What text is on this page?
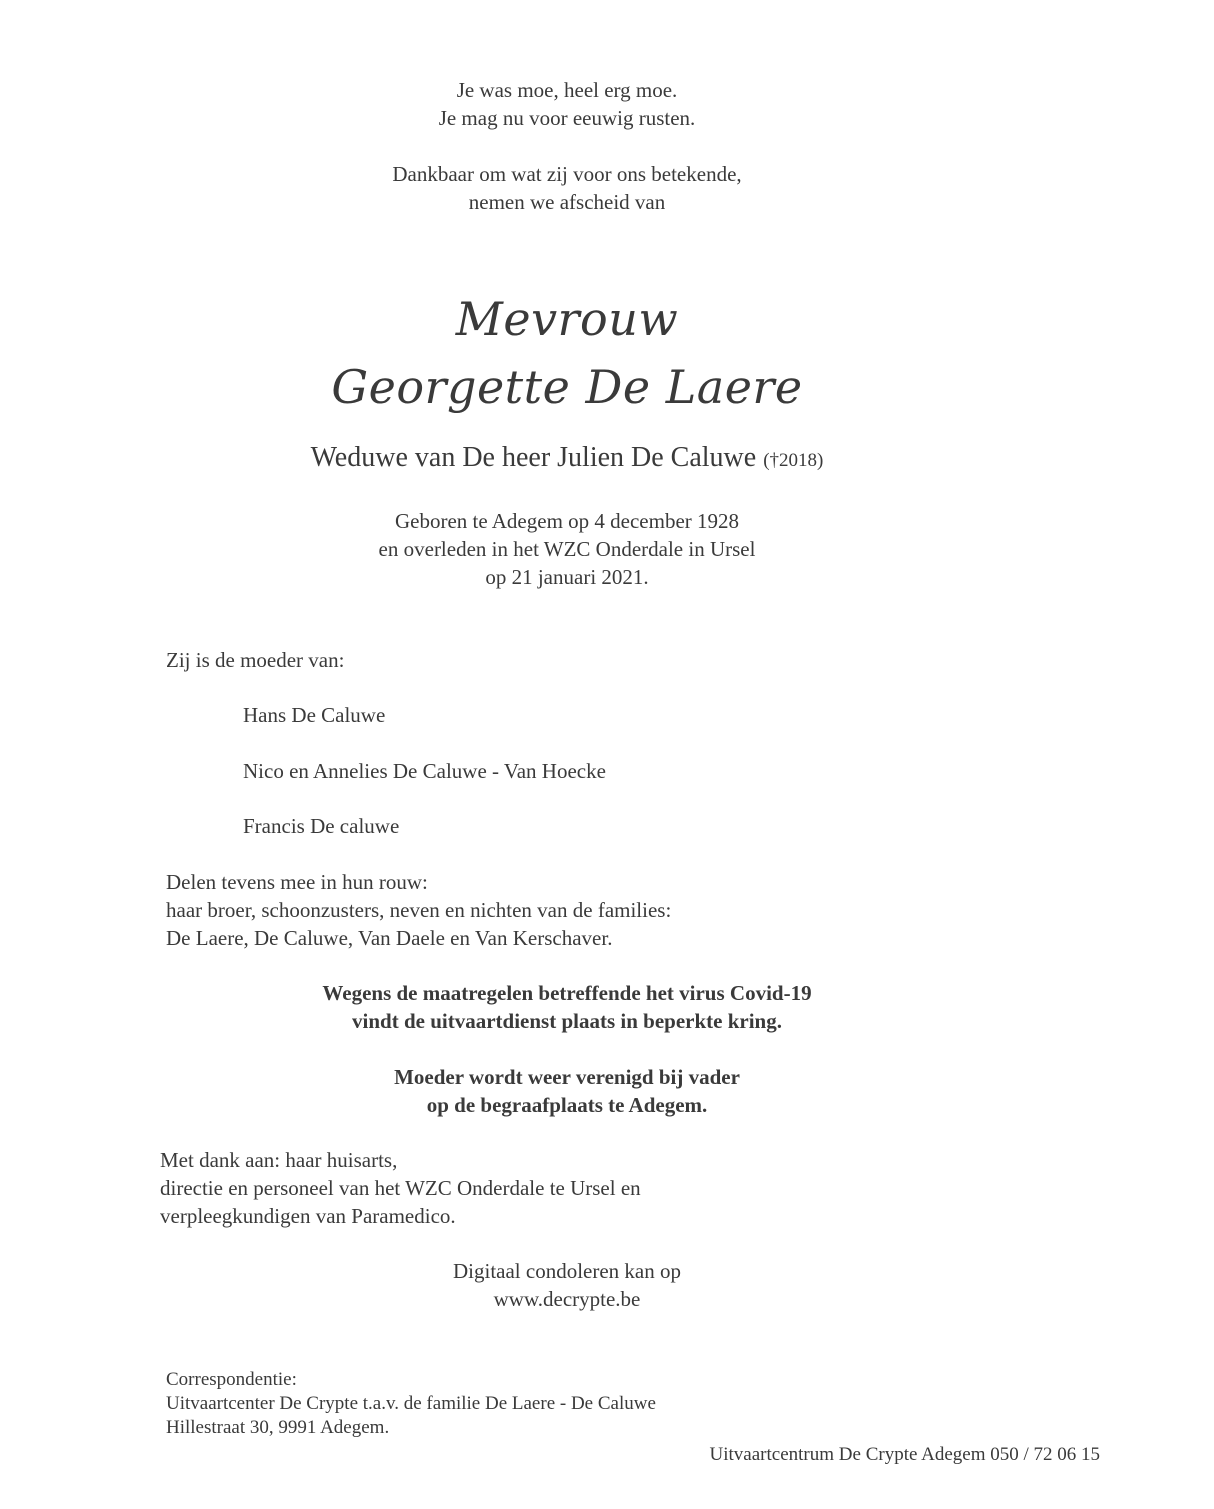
Je was moe, heel erg moe.
Je mag nu voor eeuwig rusten.
Dankbaar om wat zij voor ons betekende,
nemen we afscheid van
Mevrouw
Georgette De Laere
Weduwe van De heer Julien De Caluwe (†2018)
Geboren te Adegem op 4 december 1928
en overleden in het WZC Onderdale in Ursel
op 21 januari 2021.
Zij is de moeder van:
Hans De Caluwe
Nico en Annelies De Caluwe - Van Hoecke
Francis De caluwe
Delen tevens mee in hun rouw:
haar broer, schoonzusters, neven en nichten van de families:
De Laere, De Caluwe, Van Daele en Van Kerschaver.
Wegens de maatregelen betreffende het virus Covid-19
vindt de uitvaartdienst plaats in beperkte kring.
Moeder wordt weer verenigd bij vader
op de begraafplaats te Adegem.
Met dank aan: haar huisarts,
directie en personeel van het WZC Onderdale te Ursel en
verpleegkundigen van Paramedico.
Digitaal condoleren kan op
www.decrypte.be
Correspondentie:
Uitvaartcenter De Crypte t.a.v. de familie De Laere - De Caluwe
Hillestraat 30, 9991 Adegem.
Uitvaartcentrum De Crypte Adegem 050 / 72 06 15
